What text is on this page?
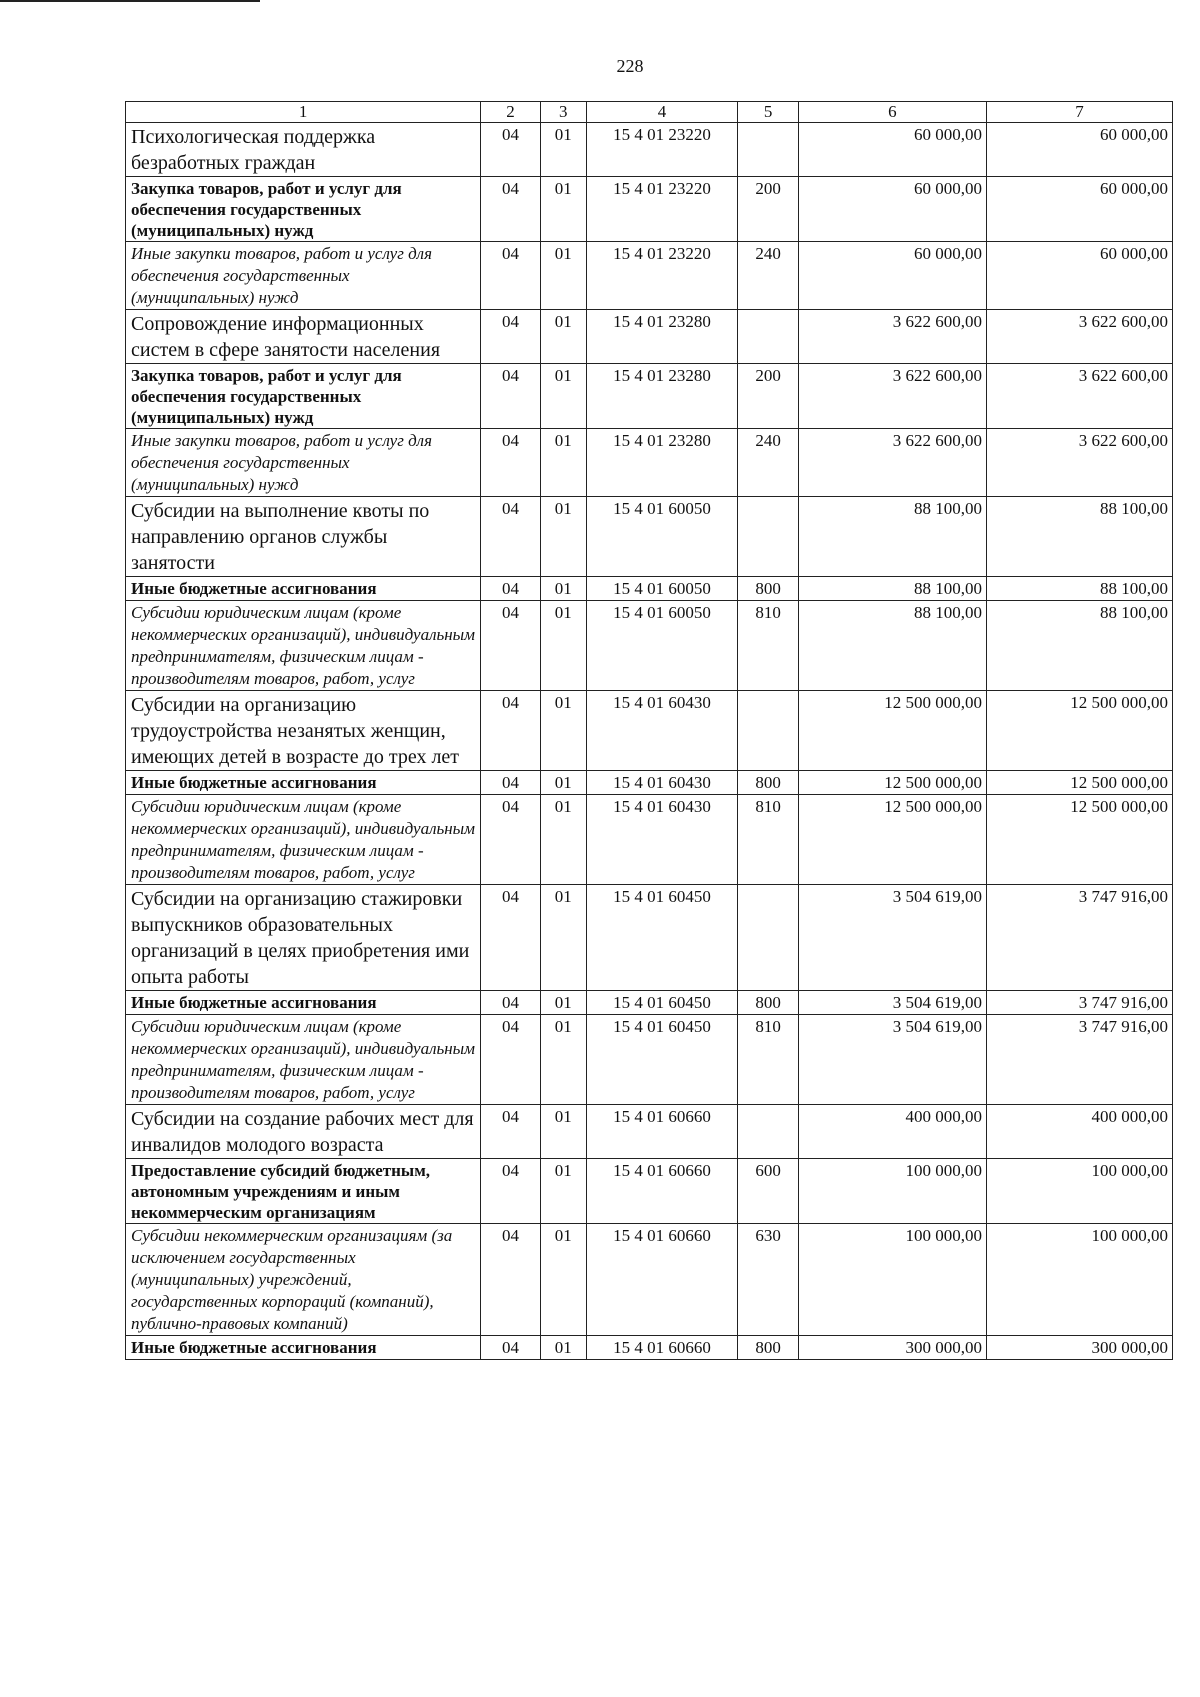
228
1	2	3	4	5	6	7
Психологическая поддержка безработных граждан	04	01	15 4 01 23220		60 000,00	60 000,00
Закупка товаров, работ и услуг для обеспечения государственных (муниципальных) нужд	04	01	15 4 01 23220	200	60 000,00	60 000,00
Иные закупки товаров, работ и услуг для обеспечения государственных (муниципальных) нужд	04	01	15 4 01 23220	240	60 000,00	60 000,00
Сопровождение информационных систем в сфере занятости населения	04	01	15 4 01 23280		3 622 600,00	3 622 600,00
Закупка товаров, работ и услуг для обеспечения государственных (муниципальных) нужд	04	01	15 4 01 23280	200	3 622 600,00	3 622 600,00
Иные закупки товаров, работ и услуг для обеспечения государственных (муниципальных) нужд	04	01	15 4 01 23280	240	3 622 600,00	3 622 600,00
Субсидии на выполнение квоты по направлению органов службы занятости	04	01	15 4 01 60050		88 100,00	88 100,00
Иные бюджетные ассигнования	04	01	15 4 01 60050	800	88 100,00	88 100,00
Субсидии юридическим лицам (кроме некоммерческих организаций), индивидуальным предпринимателям, физическим лицам - производителям товаров, работ, услуг	04	01	15 4 01 60050	810	88 100,00	88 100,00
Субсидии на организацию трудоустройства незанятых женщин, имеющих детей в возрасте до трех лет	04	01	15 4 01 60430		12 500 000,00	12 500 000,00
Иные бюджетные ассигнования	04	01	15 4 01 60430	800	12 500 000,00	12 500 000,00
Субсидии юридическим лицам (кроме некоммерческих организаций), индивидуальным предпринимателям, физическим лицам - производителям товаров, работ, услуг	04	01	15 4 01 60430	810	12 500 000,00	12 500 000,00
Субсидии на организацию стажировки выпускников образовательных организаций в целях приобретения ими опыта работы	04	01	15 4 01 60450		3 504 619,00	3 747 916,00
Иные бюджетные ассигнования	04	01	15 4 01 60450	800	3 504 619,00	3 747 916,00
Субсидии юридическим лицам (кроме некоммерческих организаций), индивидуальным предпринимателям, физическим лицам - производителям товаров, работ, услуг	04	01	15 4 01 60450	810	3 504 619,00	3 747 916,00
Субсидии на создание рабочих мест для инвалидов молодого возраста	04	01	15 4 01 60660		400 000,00	400 000,00
Предоставление субсидий бюджетным, автономным учреждениям и иным некоммерческим организациям	04	01	15 4 01 60660	600	100 000,00	100 000,00
Субсидии некоммерческим организациям (за исключением государственных (муниципальных) учреждений, государственных корпораций (компаний), публично-правовых компаний)	04	01	15 4 01 60660	630	100 000,00	100 000,00
Иные бюджетные ассигнования	04	01	15 4 01 60660	800	300 000,00	300 000,00
